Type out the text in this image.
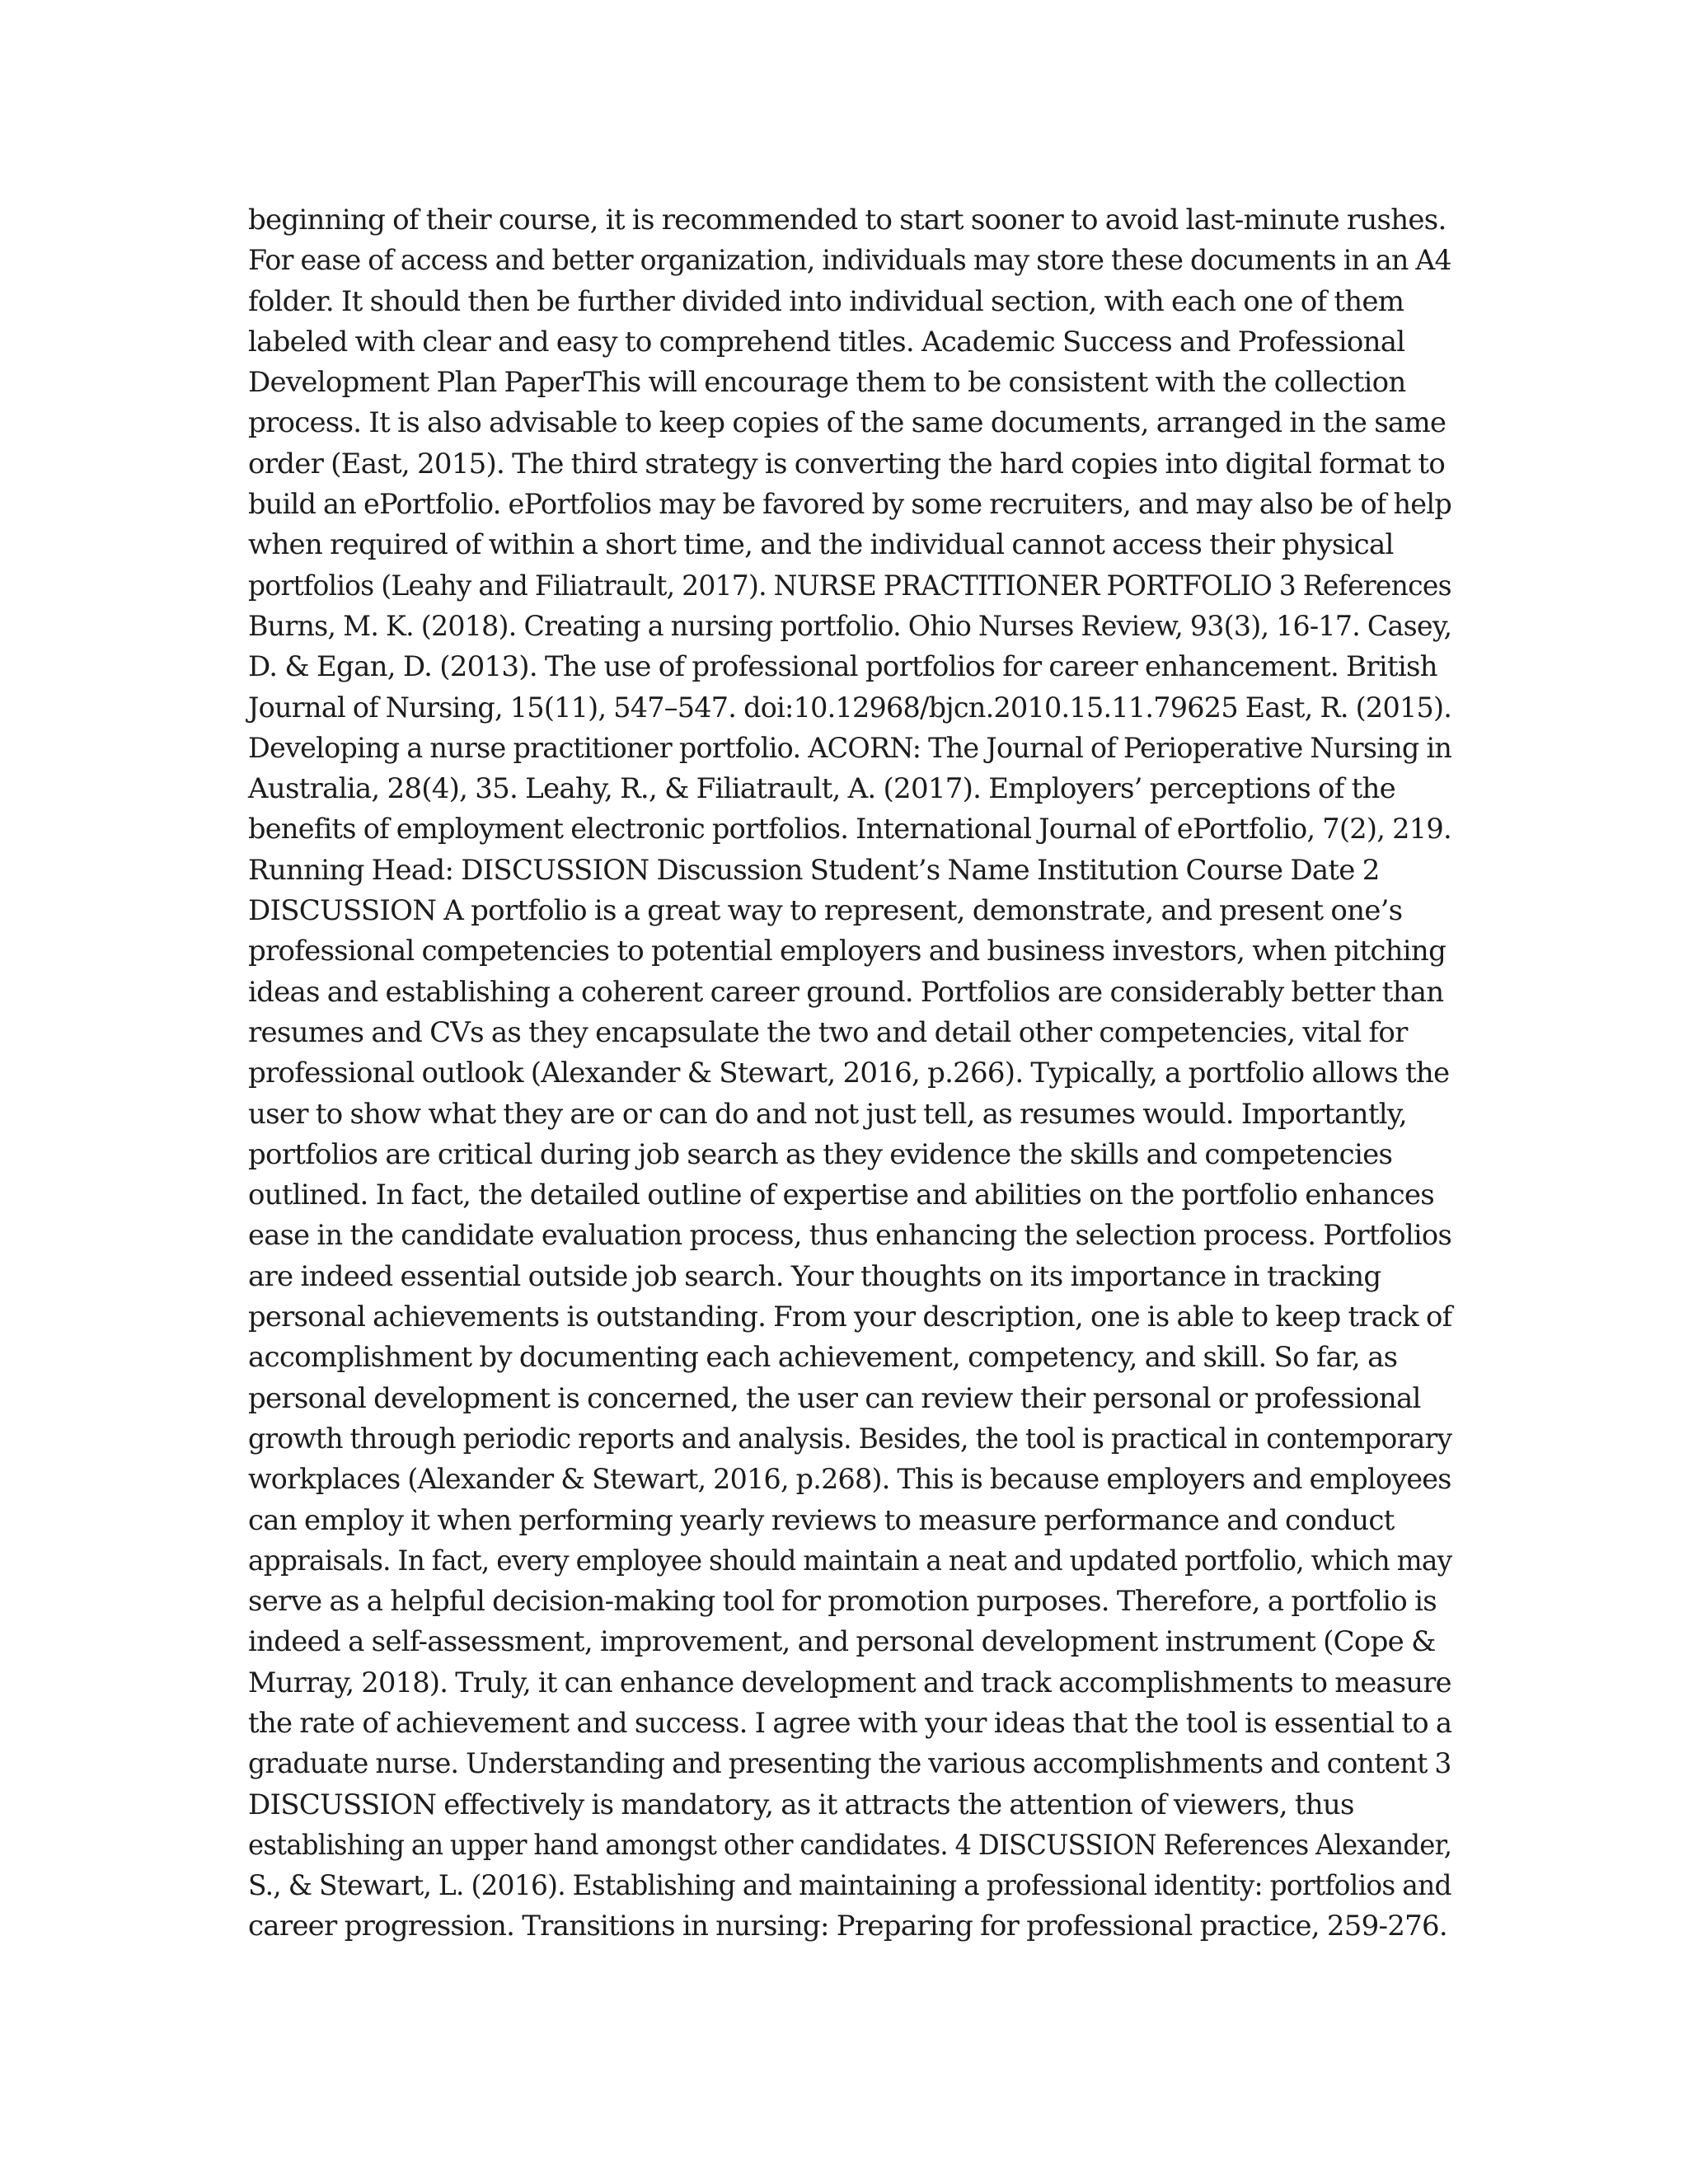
beginning of their course, it is recommended to start sooner to avoid last-minute rushes.
For ease of access and better organization, individuals may store these documents in an A4
folder. It should then be further divided into individual section, with each one of them
labeled with clear and easy to comprehend titles. Academic Success and Professional
Development Plan PaperThis will encourage them to be consistent with the collection
process. It is also advisable to keep copies of the same documents, arranged in the same
order (East, 2015). The third strategy is converting the hard copies into digital format to
build an ePortfolio. ePortfolios may be favored by some recruiters, and may also be of help
when required of within a short time, and the individual cannot access their physical
portfolios (Leahy and Filiatrault, 2017). NURSE PRACTITIONER PORTFOLIO 3 References
Burns, M. K. (2018). Creating a nursing portfolio. Ohio Nurses Review, 93(3), 16-17. Casey,
D. & Egan, D. (2013). The use of professional portfolios for career enhancement. British
Journal of Nursing, 15(11), 547–547. doi:10.12968/bjcn.2010.15.11.79625 East, R. (2015).
Developing a nurse practitioner portfolio. ACORN: The Journal of Perioperative Nursing in
Australia, 28(4), 35. Leahy, R., & Filiatrault, A. (2017). Employers’ perceptions of the
benefits of employment electronic portfolios. International Journal of ePortfolio, 7(2), 219.
Running Head: DISCUSSION Discussion Student’s Name Institution Course Date 2
DISCUSSION A portfolio is a great way to represent, demonstrate, and present one’s
professional competencies to potential employers and business investors, when pitching
ideas and establishing a coherent career ground. Portfolios are considerably better than
resumes and CVs as they encapsulate the two and detail other competencies, vital for
professional outlook (Alexander & Stewart, 2016, p.266). Typically, a portfolio allows the
user to show what they are or can do and not just tell, as resumes would. Importantly,
portfolios are critical during job search as they evidence the skills and competencies
outlined. In fact, the detailed outline of expertise and abilities on the portfolio enhances
ease in the candidate evaluation process, thus enhancing the selection process. Portfolios
are indeed essential outside job search. Your thoughts on its importance in tracking
personal achievements is outstanding. From your description, one is able to keep track of
accomplishment by documenting each achievement, competency, and skill. So far, as
personal development is concerned, the user can review their personal or professional
growth through periodic reports and analysis. Besides, the tool is practical in contemporary
workplaces (Alexander & Stewart, 2016, p.268). This is because employers and employees
can employ it when performing yearly reviews to measure performance and conduct
appraisals. In fact, every employee should maintain a neat and updated portfolio, which may
serve as a helpful decision-making tool for promotion purposes. Therefore, a portfolio is
indeed a self-assessment, improvement, and personal development instrument (Cope &
Murray, 2018). Truly, it can enhance development and track accomplishments to measure
the rate of achievement and success. I agree with your ideas that the tool is essential to a
graduate nurse. Understanding and presenting the various accomplishments and content 3
DISCUSSION effectively is mandatory, as it attracts the attention of viewers, thus
establishing an upper hand amongst other candidates. 4 DISCUSSION References Alexander,
S., & Stewart, L. (2016). Establishing and maintaining a professional identity: portfolios and
career progression. Transitions in nursing: Preparing for professional practice, 259-276.
